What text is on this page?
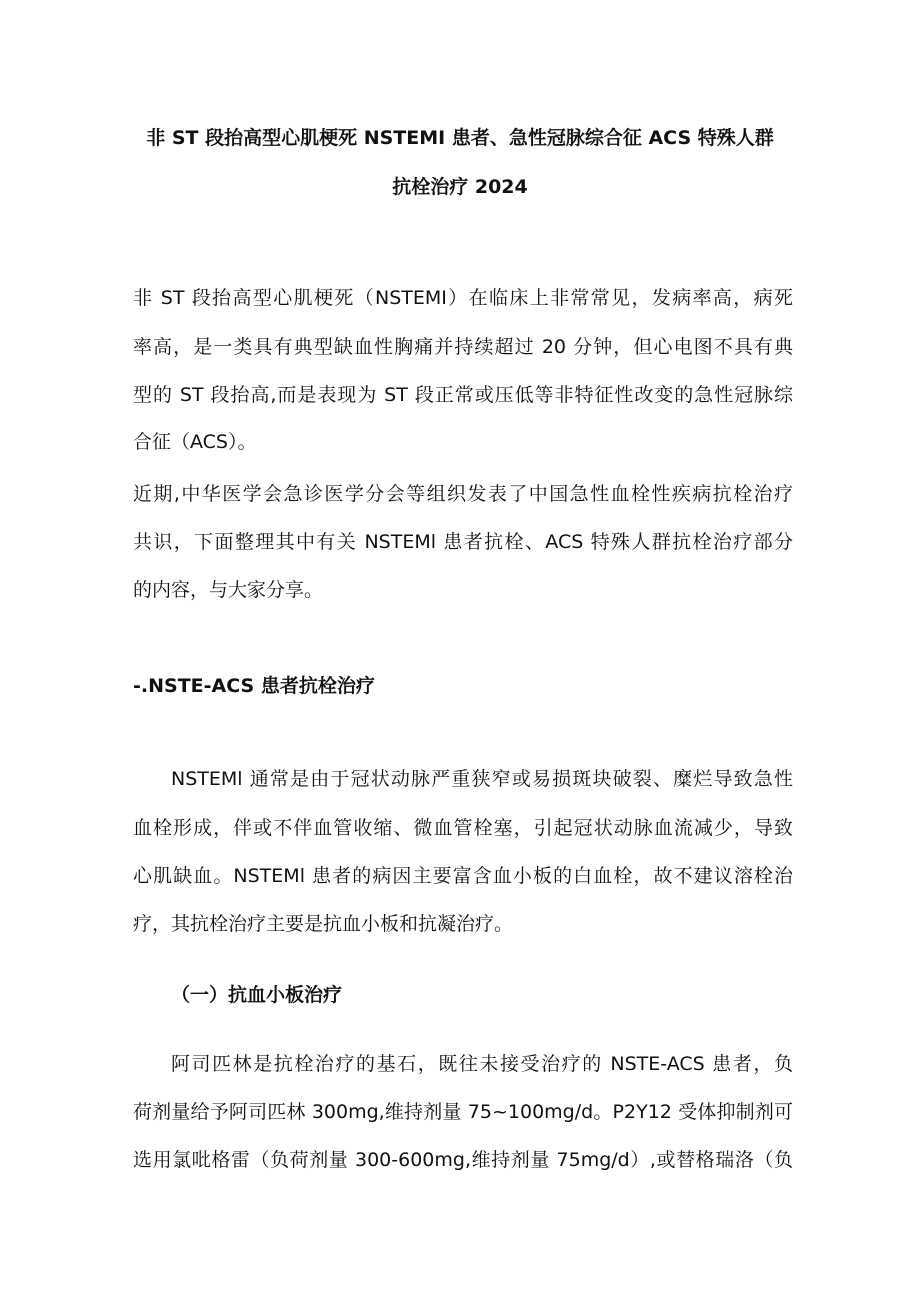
非 ST 段抬高型心肌梗死 NSTEMI 患者、急性冠脉综合征 ACS 特殊人群
抗栓治疗 2024
非 ST 段抬高型心肌梗死（NSTEMI）在临床上非常常见，发病率高，病死
率高，是一类具有典型缺血性胸痛并持续超过 20 分钟，但心电图不具有典
型的 ST 段抬高,而是表现为 ST 段正常或压低等非特征性改变的急性冠脉综
合征（ACS）。
近期,中华医学会急诊医学分会等组织发表了中国急性血栓性疾病抗栓治疗
共识，下面整理其中有关 NSTEMl 患者抗栓、ACS 特殊人群抗栓治疗部分
的内容，与大家分享。
-.NSTE-ACS 患者抗栓治疗
NSTEMl 通常是由于冠状动脉严重狭窄或易损斑块破裂、糜烂导致急性
血栓形成，伴或不伴血管收缩、微血管栓塞，引起冠状动脉血流减少，导致
心肌缺血。NSTEMl 患者的病因主要富含血小板的白血栓，故不建议溶栓治
疗，其抗栓治疗主要是抗血小板和抗凝治疗。
（一）抗血小板治疗
阿司匹林是抗栓治疗的基石，既往未接受治疗的 NSTE-ACS 患者，负
荷剂量给予阿司匹林 300mg,维持剂量 75~100mg∕d。P2Y12 受体抑制剂可
选用氯吡格雷（负荷剂量 300-600mg,维持剂量 75mg/d）,或替格瑞洛（负
